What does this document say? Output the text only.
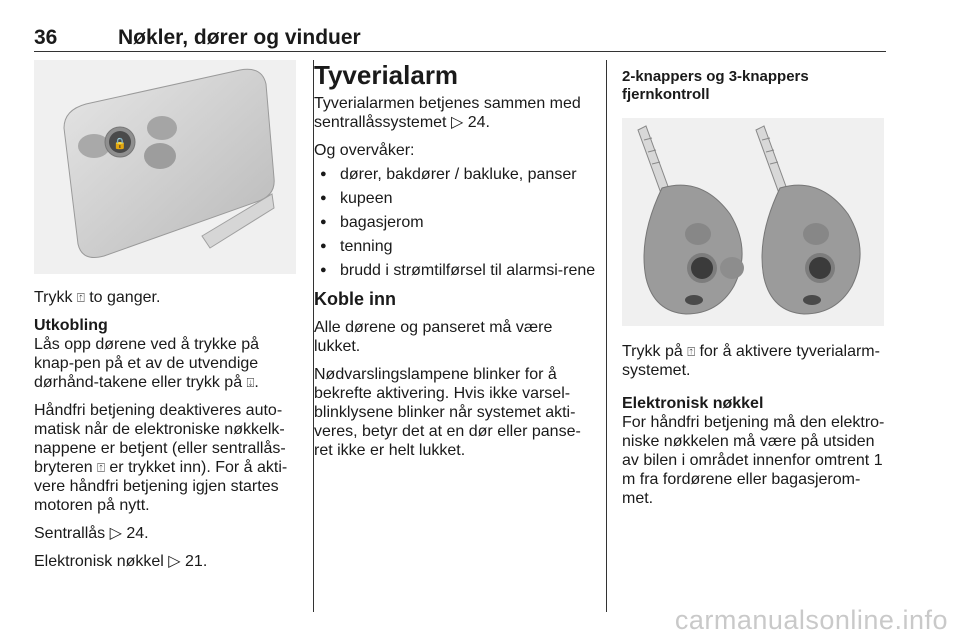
36	Nøkler, dører og vinduer
🔒

Trykk ⍐ to ganger.

Utkobling

Lås opp dørene ved å trykke på knap-pen på et av de utvendige dørhånd-takene eller trykk på ⍗.

Håndfri betjening deaktiveres auto-matisk når de elektroniske nøkkelk-nappene er betjent (eller sentrallås-bryteren ⍐ er trykket inn). For å akti-vere håndfri betjening igjen startes motoren på nytt.

Sentrallås ▷ 24.

Elektronisk nøkkel ▷ 21.

Tyverialarm

Tyverialarmen betjenes sammen med sentrallåssystemet ▷ 24.

Og overvåker:

● dører, bakdører / bakluke, panser
● kupeen
● bagasjerom
● tenning
● brudd i strømtilførsel til alarmsi-rene
Koble inn

Alle dørene og panseret må være lukket.

Nødvarslingslampene blinker for å bekrefte aktivering. Hvis ikke varsel-blinklysene blinker når systemet akti-veres, betyr det at en dør eller panse-ret ikke er helt lukket.

2-knappers og 3-knappers fjernkontroll

Trykk på ⍐ for å aktivere tyverialarm-systemet.

Elektronisk nøkkel

For håndfri betjening må den elektro-niske nøkkelen må være på utsiden av bilen i området innenfor omtrent 1 m fra fordørene eller bagasjerom-met.

carmanualsonline.info
